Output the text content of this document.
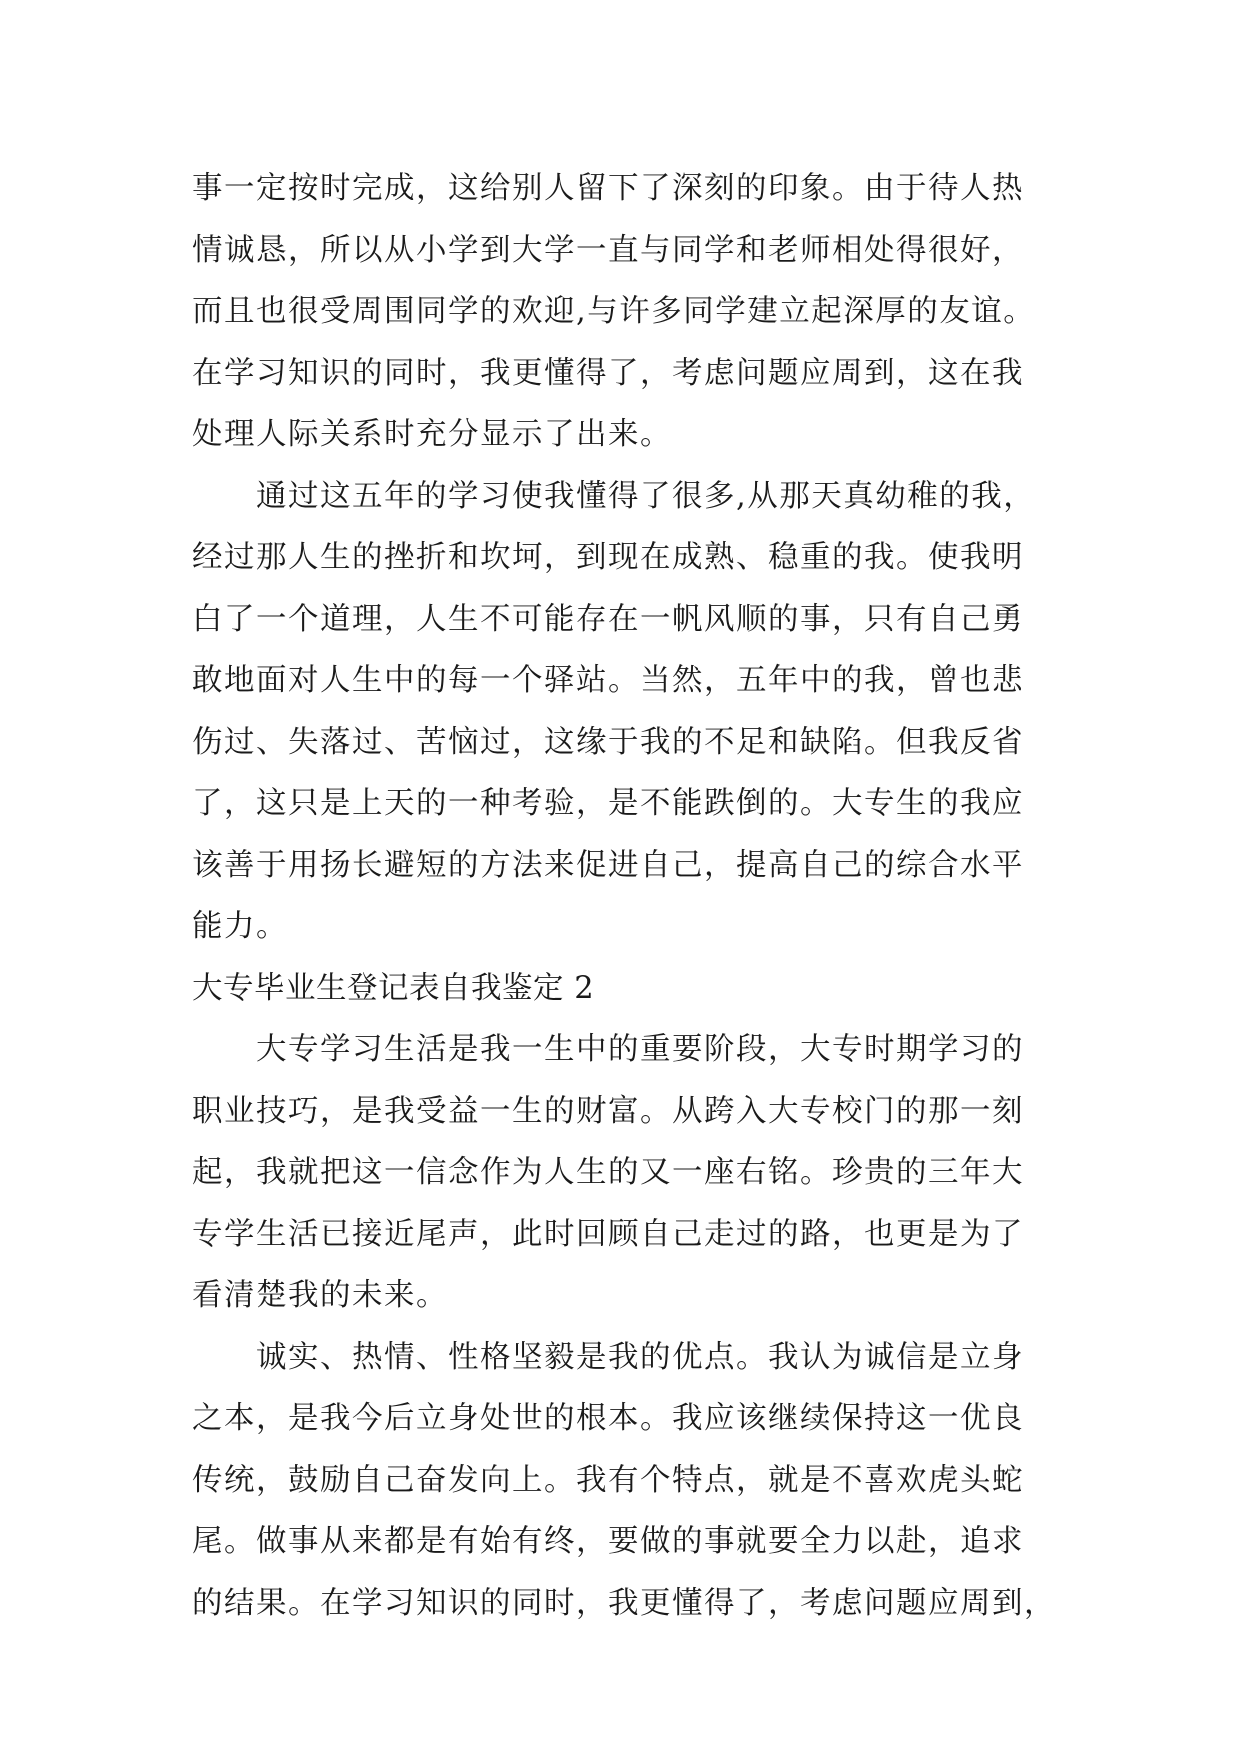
事一定按时完成，这给别人留下了深刻的印象。由于待人热
情诚恳，所以从小学到大学一直与同学和老师相处得很好，
而且也很受周围同学的欢迎,与许多同学建立起深厚的友谊。
在学习知识的同时，我更懂得了，考虑问题应周到，这在我
处理人际关系时充分显示了出来。
通过这五年的学习使我懂得了很多,从那天真幼稚的我，
经过那人生的挫折和坎坷，到现在成熟、稳重的我。使我明
白了一个道理，人生不可能存在一帆风顺的事，只有自己勇
敢地面对人生中的每一个驿站。当然，五年中的我，曾也悲
伤过、失落过、苦恼过，这缘于我的不足和缺陷。但我反省
了，这只是上天的一种考验，是不能跌倒的。大专生的我应
该善于用扬长避短的方法来促进自己，提高自己的综合水平
能力。
大专毕业生登记表自我鉴定 2
大专学习生活是我一生中的重要阶段，大专时期学习的
职业技巧，是我受益一生的财富。从跨入大专校门的那一刻
起，我就把这一信念作为人生的又一座右铭。珍贵的三年大
专学生活已接近尾声，此时回顾自己走过的路，也更是为了
看清楚我的未来。
诚实、热情、性格坚毅是我的优点。我认为诚信是立身
之本，是我今后立身处世的根本。我应该继续保持这一优良
传统，鼓励自己奋发向上。我有个特点，就是不喜欢虎头蛇
尾。做事从来都是有始有终，要做的事就要全力以赴，追求
的结果。在学习知识的同时，我更懂得了，考虑问题应周到，
